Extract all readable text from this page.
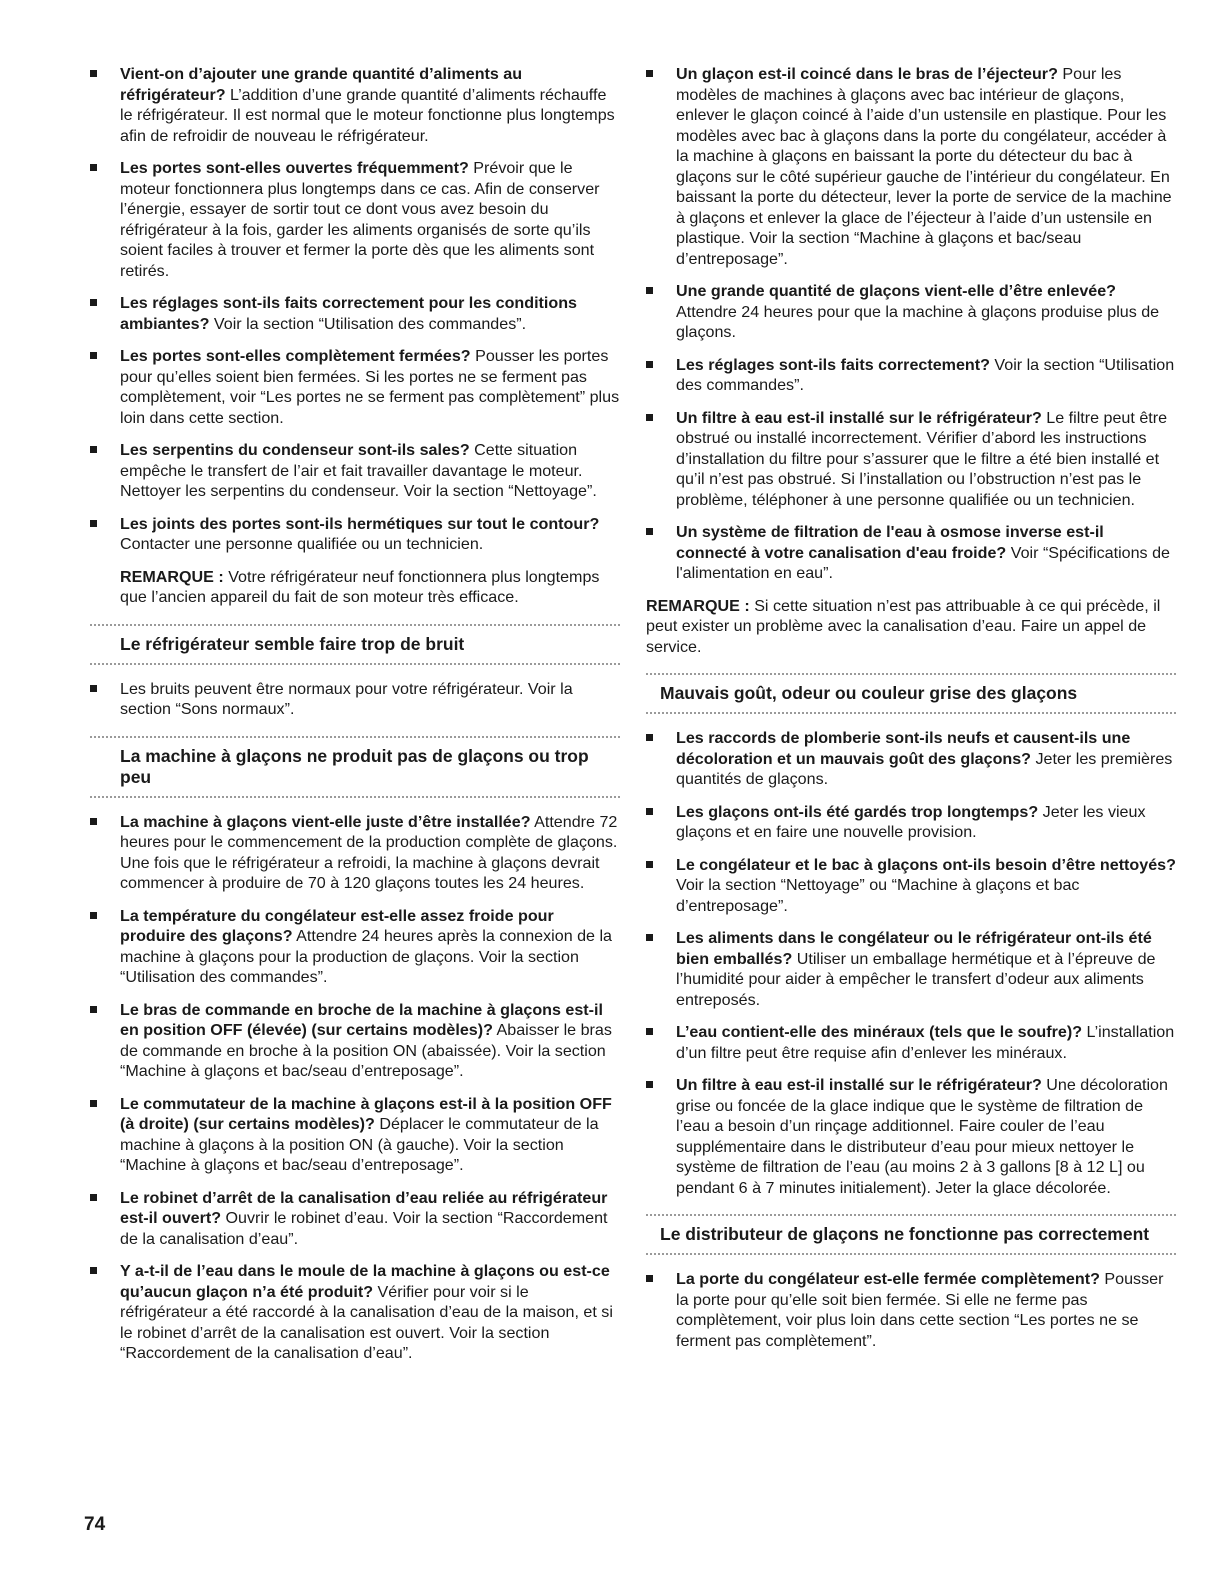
Vient-on d’ajouter une grande quantité d’aliments au réfrigérateur? L’addition d’une grande quantité d’aliments réchauffe le réfrigérateur. Il est normal que le moteur fonctionne plus longtemps afin de refroidir de nouveau le réfrigérateur.
Les portes sont-elles ouvertes fréquemment? Prévoir que le moteur fonctionnera plus longtemps dans ce cas. Afin de conserver l’énergie, essayer de sortir tout ce dont vous avez besoin du réfrigérateur à la fois, garder les aliments organisés de sorte qu’ils soient faciles à trouver et fermer la porte dès que les aliments sont retirés.
Les réglages sont-ils faits correctement pour les conditions ambiantes? Voir la section “Utilisation des commandes”.
Les portes sont-elles complètement fermées? Pousser les portes pour qu’elles soient bien fermées. Si les portes ne se ferment pas complètement, voir “Les portes ne se ferment pas complètement” plus loin dans cette section.
Les serpentins du condenseur sont-ils sales? Cette situation empêche le transfert de l’air et fait travailler davantage le moteur. Nettoyer les serpentins du condenseur. Voir la section “Nettoyage”.
Les joints des portes sont-ils hermétiques sur tout le contour? Contacter une personne qualifiée ou un technicien.

REMARQUE : Votre réfrigérateur neuf fonctionnera plus longtemps que l’ancien appareil du fait de son moteur très efficace.

Le réfrigérateur semble faire trop de bruit
Les bruits peuvent être normaux pour votre réfrigérateur. Voir la section “Sons normaux”.
La machine à glaçons ne produit pas de glaçons ou trop peu
La machine à glaçons vient-elle juste d’être installée? Attendre 72 heures pour le commencement de la production complète de glaçons. Une fois que le réfrigérateur a refroidi, la machine à glaçons devrait commencer à produire de 70 à 120 glaçons toutes les 24 heures.
La température du congélateur est-elle assez froide pour produire des glaçons? Attendre 24 heures après la connexion de la machine à glaçons pour la production de glaçons. Voir la section “Utilisation des commandes”.
Le bras de commande en broche de la machine à glaçons est-il en position OFF (élevée) (sur certains modèles)? Abaisser le bras de commande en broche à la position ON (abaissée). Voir la section “Machine à glaçons et bac/seau d’entreposage”.
Le commutateur de la machine à glaçons est-il à la position OFF (à droite) (sur certains modèles)? Déplacer le commutateur de la machine à glaçons à la position ON (à gauche). Voir la section “Machine à glaçons et bac/seau d’entreposage”.
Le robinet d’arrêt de la canalisation d’eau reliée au réfrigérateur est-il ouvert? Ouvrir le robinet d’eau. Voir la section “Raccordement de la canalisation d’eau”.
Y a-t-il de l’eau dans le moule de la machine à glaçons ou est-ce qu’aucun glaçon n’a été produit? Vérifier pour voir si le réfrigérateur a été raccordé à la canalisation d’eau de la maison, et si le robinet d’arrêt de la canalisation est ouvert. Voir la section “Raccordement de la canalisation d’eau”.
Un glaçon est-il coincé dans le bras de l’éjecteur? Pour les modèles de machines à glaçons avec bac intérieur de glaçons, enlever le glaçon coincé à l’aide d’un ustensile en plastique. Pour les modèles avec bac à glaçons dans la porte du congélateur, accéder à la machine à glaçons en baissant la porte du détecteur du bac à glaçons sur le côté supérieur gauche de l’intérieur du congélateur. En baissant la porte du détecteur, lever la porte de service de la machine à glaçons et enlever la glace de l’éjecteur à l’aide d’un ustensile en plastique. Voir la section “Machine à glaçons et bac/seau d’entreposage”.
Une grande quantité de glaçons vient-elle d’être enlevée? Attendre 24 heures pour que la machine à glaçons produise plus de glaçons.
Les réglages sont-ils faits correctement? Voir la section “Utilisation des commandes”.
Un filtre à eau est-il installé sur le réfrigérateur? Le filtre peut être obstrué ou installé incorrectement. Vérifier d’abord les instructions d’installation du filtre pour s’assurer que le filtre a été bien installé et qu’il n’est pas obstrué. Si l’installation ou l’obstruction n’est pas le problème, téléphoner à une personne qualifiée ou un technicien.
Un système de filtration de l'eau à osmose inverse est-il connecté à votre canalisation d'eau froide? Voir “Spécifications de l'alimentation en eau”.

REMARQUE : Si cette situation n’est pas attribuable à ce qui précède, il peut exister un problème avec la canalisation d’eau. Faire un appel de service.

Mauvais goût, odeur ou couleur grise des glaçons
Les raccords de plomberie sont-ils neufs et causent-ils une décoloration et un mauvais goût des glaçons? Jeter les premières quantités de glaçons.
Les glaçons ont-ils été gardés trop longtemps? Jeter les vieux glaçons et en faire une nouvelle provision.
Le congélateur et le bac à glaçons ont-ils besoin d’être nettoyés? Voir la section “Nettoyage” ou “Machine à glaçons et bac d’entreposage”.
Les aliments dans le congélateur ou le réfrigérateur ont-ils été bien emballés? Utiliser un emballage hermétique et à l’épreuve de l’humidité pour aider à empêcher le transfert d’odeur aux aliments entreposés.
L’eau contient-elle des minéraux (tels que le soufre)? L’installation d’un filtre peut être requise afin d’enlever les minéraux.
Un filtre à eau est-il installé sur le réfrigérateur? Une décoloration grise ou foncée de la glace indique que le système de filtration de l’eau a besoin d’un rinçage additionnel. Faire couler de l’eau supplémentaire dans le distributeur d’eau pour mieux nettoyer le système de filtration de l’eau (au moins 2 à 3 gallons [8 à 12 L] ou pendant 6 à 7 minutes initialement). Jeter la glace décolorée.
Le distributeur de glaçons ne fonctionne pas correctement
La porte du congélateur est-elle fermée complètement? Pousser la porte pour qu’elle soit bien fermée. Si elle ne ferme pas complètement, voir plus loin dans cette section “Les portes ne se ferment pas complètement”.
74
